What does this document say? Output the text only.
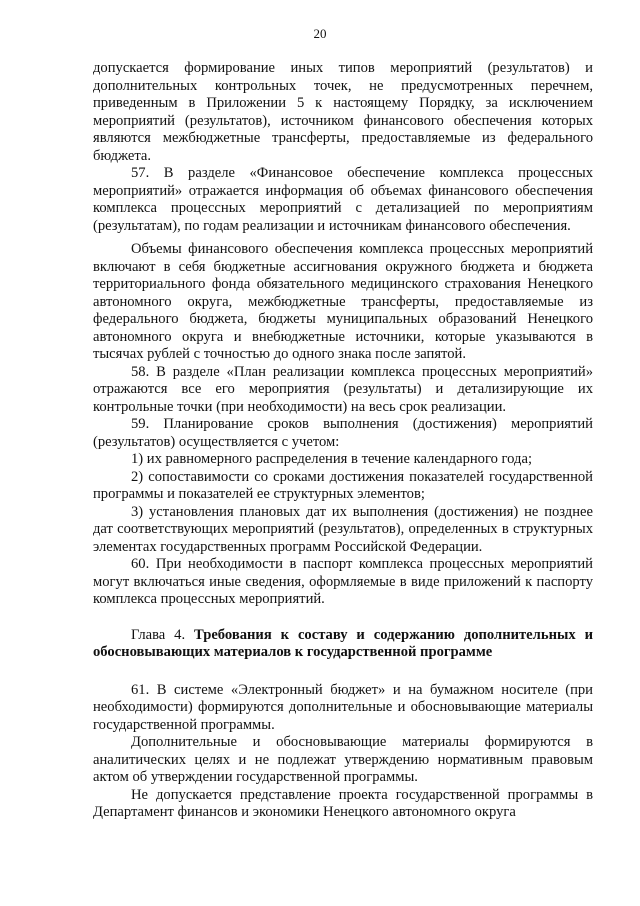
20

допускается формирование иных типов мероприятий (результатов) и дополнительных контрольных точек, не предусмотренных перечнем, приведенным в Приложении 5 к настоящему Порядку, за исключением мероприятий (результатов), источником финансового обеспечения которых являются межбюджетные трансферты, предоставляемые из федерального бюджета.

57. В разделе «Финансовое обеспечение комплекса процессных мероприятий» отражается информация об объемах финансового обеспечения комплекса процессных мероприятий с детализацией по мероприятиям (результатам), по годам реализации и источникам финансового обеспечения.

Объемы финансового обеспечения комплекса процессных мероприятий включают в себя бюджетные ассигнования окружного бюджета и бюджета территориального фонда обязательного медицинского страхования Ненецкого автономного округа, межбюджетные трансферты, предоставляемые из федерального бюджета, бюджеты муниципальных образований Ненецкого автономного округа и внебюджетные источники, которые указываются в тысячах рублей с точностью до одного знака после запятой.

58. В разделе «План реализации комплекса процессных мероприятий» отражаются все его мероприятия (результаты) и детализирующие их контрольные точки (при необходимости) на весь срок реализации.

59. Планирование сроков выполнения (достижения) мероприятий (результатов) осуществляется с учетом:

1) их равномерного распределения в течение календарного года;

2) сопоставимости со сроками достижения показателей государственной программы и показателей ее структурных элементов;

3) установления плановых дат их выполнения (достижения) не позднее дат соответствующих мероприятий (результатов), определенных в структурных элементах государственных программ Российской Федерации.

60. При необходимости в паспорт комплекса процессных мероприятий могут включаться иные сведения, оформляемые в виде приложений к паспорту комплекса процессных мероприятий.

Глава 4. Требования к составу и содержанию дополнительных и обосновывающих материалов к государственной программе

61. В системе «Электронный бюджет» и на бумажном носителе (при необходимости) формируются дополнительные и обосновывающие материалы государственной программы.

Дополнительные и обосновывающие материалы формируются в аналитических целях и не подлежат утверждению нормативным правовым актом об утверждении государственной программы.

Не допускается представление проекта государственной программы в Департамент финансов и экономики Ненецкого автономного округа
